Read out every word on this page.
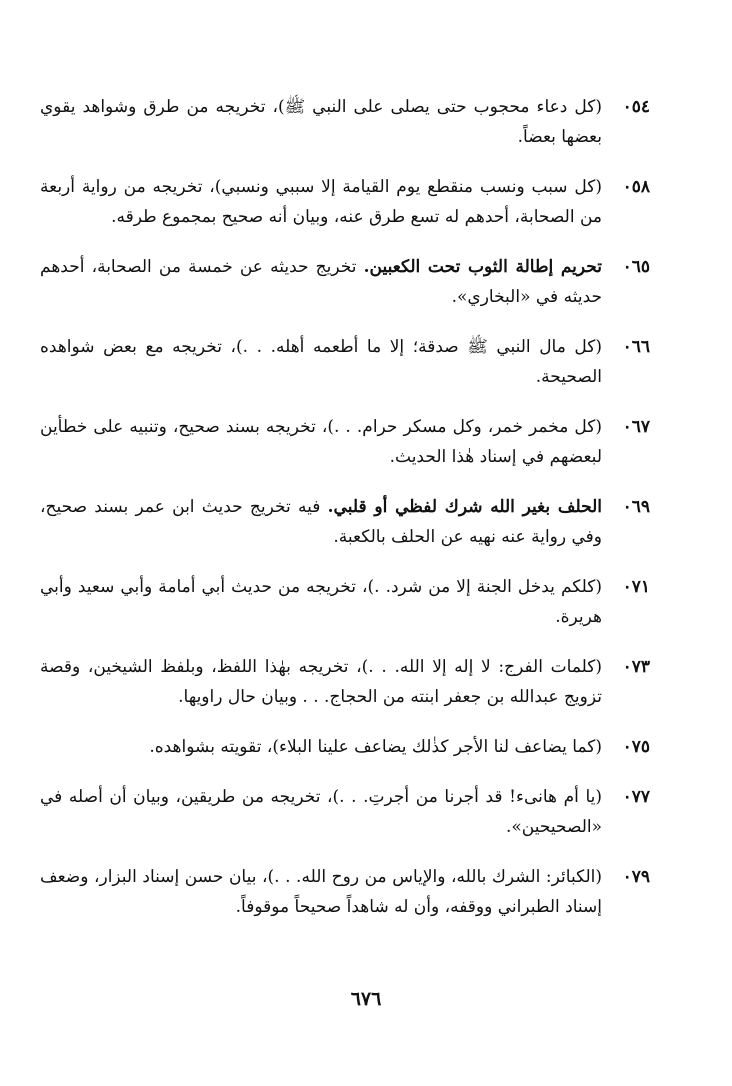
٠٥٤
(كل دعاء محجوب حتى يصلى على النبي ﷺ)، تخريجه من طرق وشواهد يقوي بعضها بعضاً.
٠٥٨
(كل سبب ونسب منقطع يوم القيامة إلا سببي ونسبي)، تخريجه من رواية أربعة من الصحابة، أحدهم له تسع طرق عنه، وبيان أنه صحيح بمجموع طرقه.
٠٦٥
تحريم إطالة الثوب تحت الكعبين. تخريج حديثه عن خمسة من الصحابة، أحدهم حديثه في «البخاري».
٠٦٦
(كل مال النبي ﷺ صدقة؛ إلا ما أطعمه أهله. . .)، تخريجه مع بعض شواهده الصحيحة.
٠٦٧
(كل مخمر خمر، وكل مسكر حرام. . .)، تخريجه بسند صحيح، وتنبيه على خطأين لبعضهم في إسناد هٰذا الحديث.
٠٦٩
الحلف بغير الله شرك لفظي أو قلبي. فيه تخريج حديث ابن عمر بسند صحيح، وفي رواية عنه نهيه عن الحلف بالكعبة.
٠٧١
(كلكم يدخل الجنة إلا من شرد. .)، تخريجه من حديث أبي أمامة وأبي سعيد وأبي هريرة.
٠٧٣
(كلمات الفرج: لا إله إلا الله. . .)، تخريجه بهٰذا اللفظ، وبلفظ الشيخين، وقصة تزويج عبدالله بن جعفر ابنته من الحجاج. . . وبيان حال راويها.
٠٧٥
(كما يضاعف لنا الأجر كذٰلك يضاعف علينا البلاء)، تقويته بشواهده.
٠٧٧
(يا أم هانىء! قد أجرنا من أجرتِ. . .)، تخريجه من طريقين، وبيان أن أصله في «الصحيحين».
٠٧٩
(الكبائر: الشرك بالله، والإياس من روح الله. . .)، بيان حسن إسناد البزار، وضعف إسناد الطبراني ووقفه، وأن له شاهداً صحيحاً موقوفاً.
٦٧٦
